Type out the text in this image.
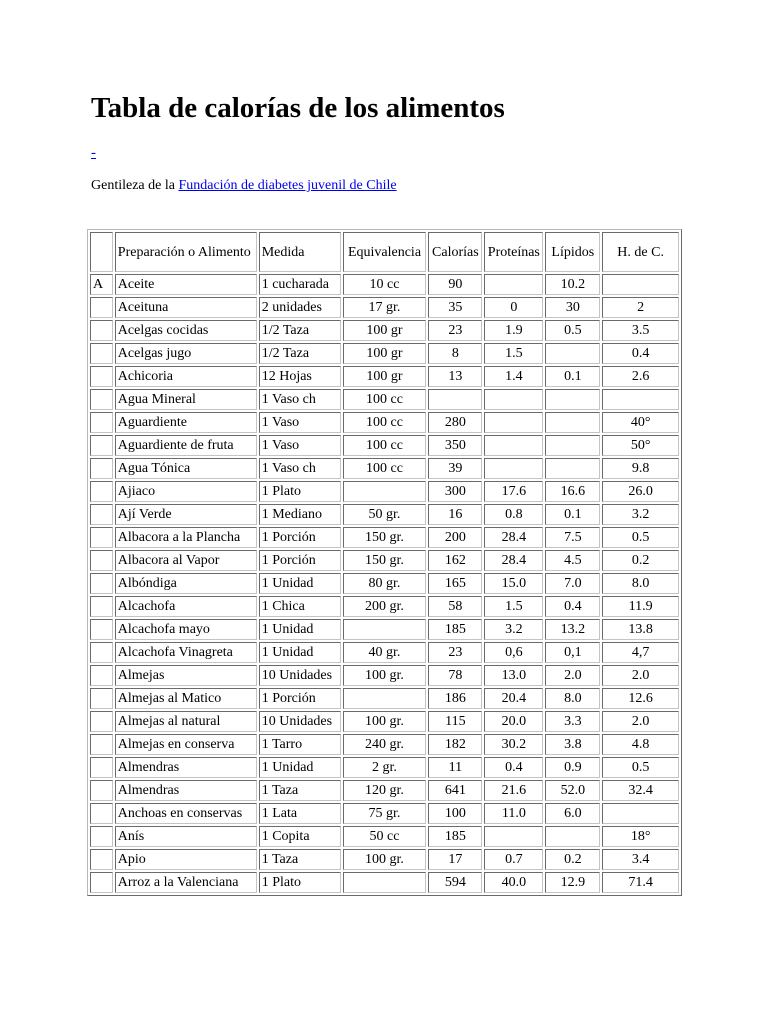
Tabla de calorías de los alimentos
-
Gentileza de la Fundación de diabetes juvenil de Chile
	Preparación o Alimento	Medida	Equivalencia	Calorías	Proteínas	Lípidos	H. de C.
A	Aceite	1 cucharada	10 cc	90		10.2	
	Aceituna	2 unidades	17 gr.	35	0	30	2
	Acelgas cocidas	1/2 Taza	100 gr	23	1.9	0.5	3.5
	Acelgas jugo	1/2 Taza	100 gr	8	1.5		0.4
	Achicoria	12 Hojas	100 gr	13	1.4	0.1	2.6
	Agua Mineral	1 Vaso ch	100 cc				
	Aguardiente	1 Vaso	100 cc	280			40°
	Aguardiente de fruta	1 Vaso	100 cc	350			50°
	Agua Tónica	1 Vaso ch	100 cc	39			9.8
	Ajiaco	1 Plato		300	17.6	16.6	26.0
	Ají Verde	1 Mediano	50 gr.	16	0.8	0.1	3.2
	Albacora a la Plancha	1 Porción	150 gr.	200	28.4	7.5	0.5
	Albacora al Vapor	1 Porción	150 gr.	162	28.4	4.5	0.2
	Albóndiga	1 Unidad	80 gr.	165	15.0	7.0	8.0
	Alcachofa	1 Chica	200 gr.	58	1.5	0.4	11.9
	Alcachofa mayo	1 Unidad		185	3.2	13.2	13.8
	Alcachofa Vinagreta	1 Unidad	40 gr.	23	0,6	0,1	4,7
	Almejas	10 Unidades	100 gr.	78	13.0	2.0	2.0
	Almejas al Matico	1 Porción		186	20.4	8.0	12.6
	Almejas al natural	10 Unidades	100 gr.	115	20.0	3.3	2.0
	Almejas en conserva	1 Tarro	240 gr.	182	30.2	3.8	4.8
	Almendras	1 Unidad	2 gr.	11	0.4	0.9	0.5
	Almendras	1 Taza	120 gr.	641	21.6	52.0	32.4
	Anchoas en conservas	1 Lata	75 gr.	100	11.0	6.0	
	Anís	1 Copita	50 cc	185			18°
	Apio	1 Taza	100 gr.	17	0.7	0.2	3.4
	Arroz a la Valenciana	1 Plato		594	40.0	12.9	71.4
